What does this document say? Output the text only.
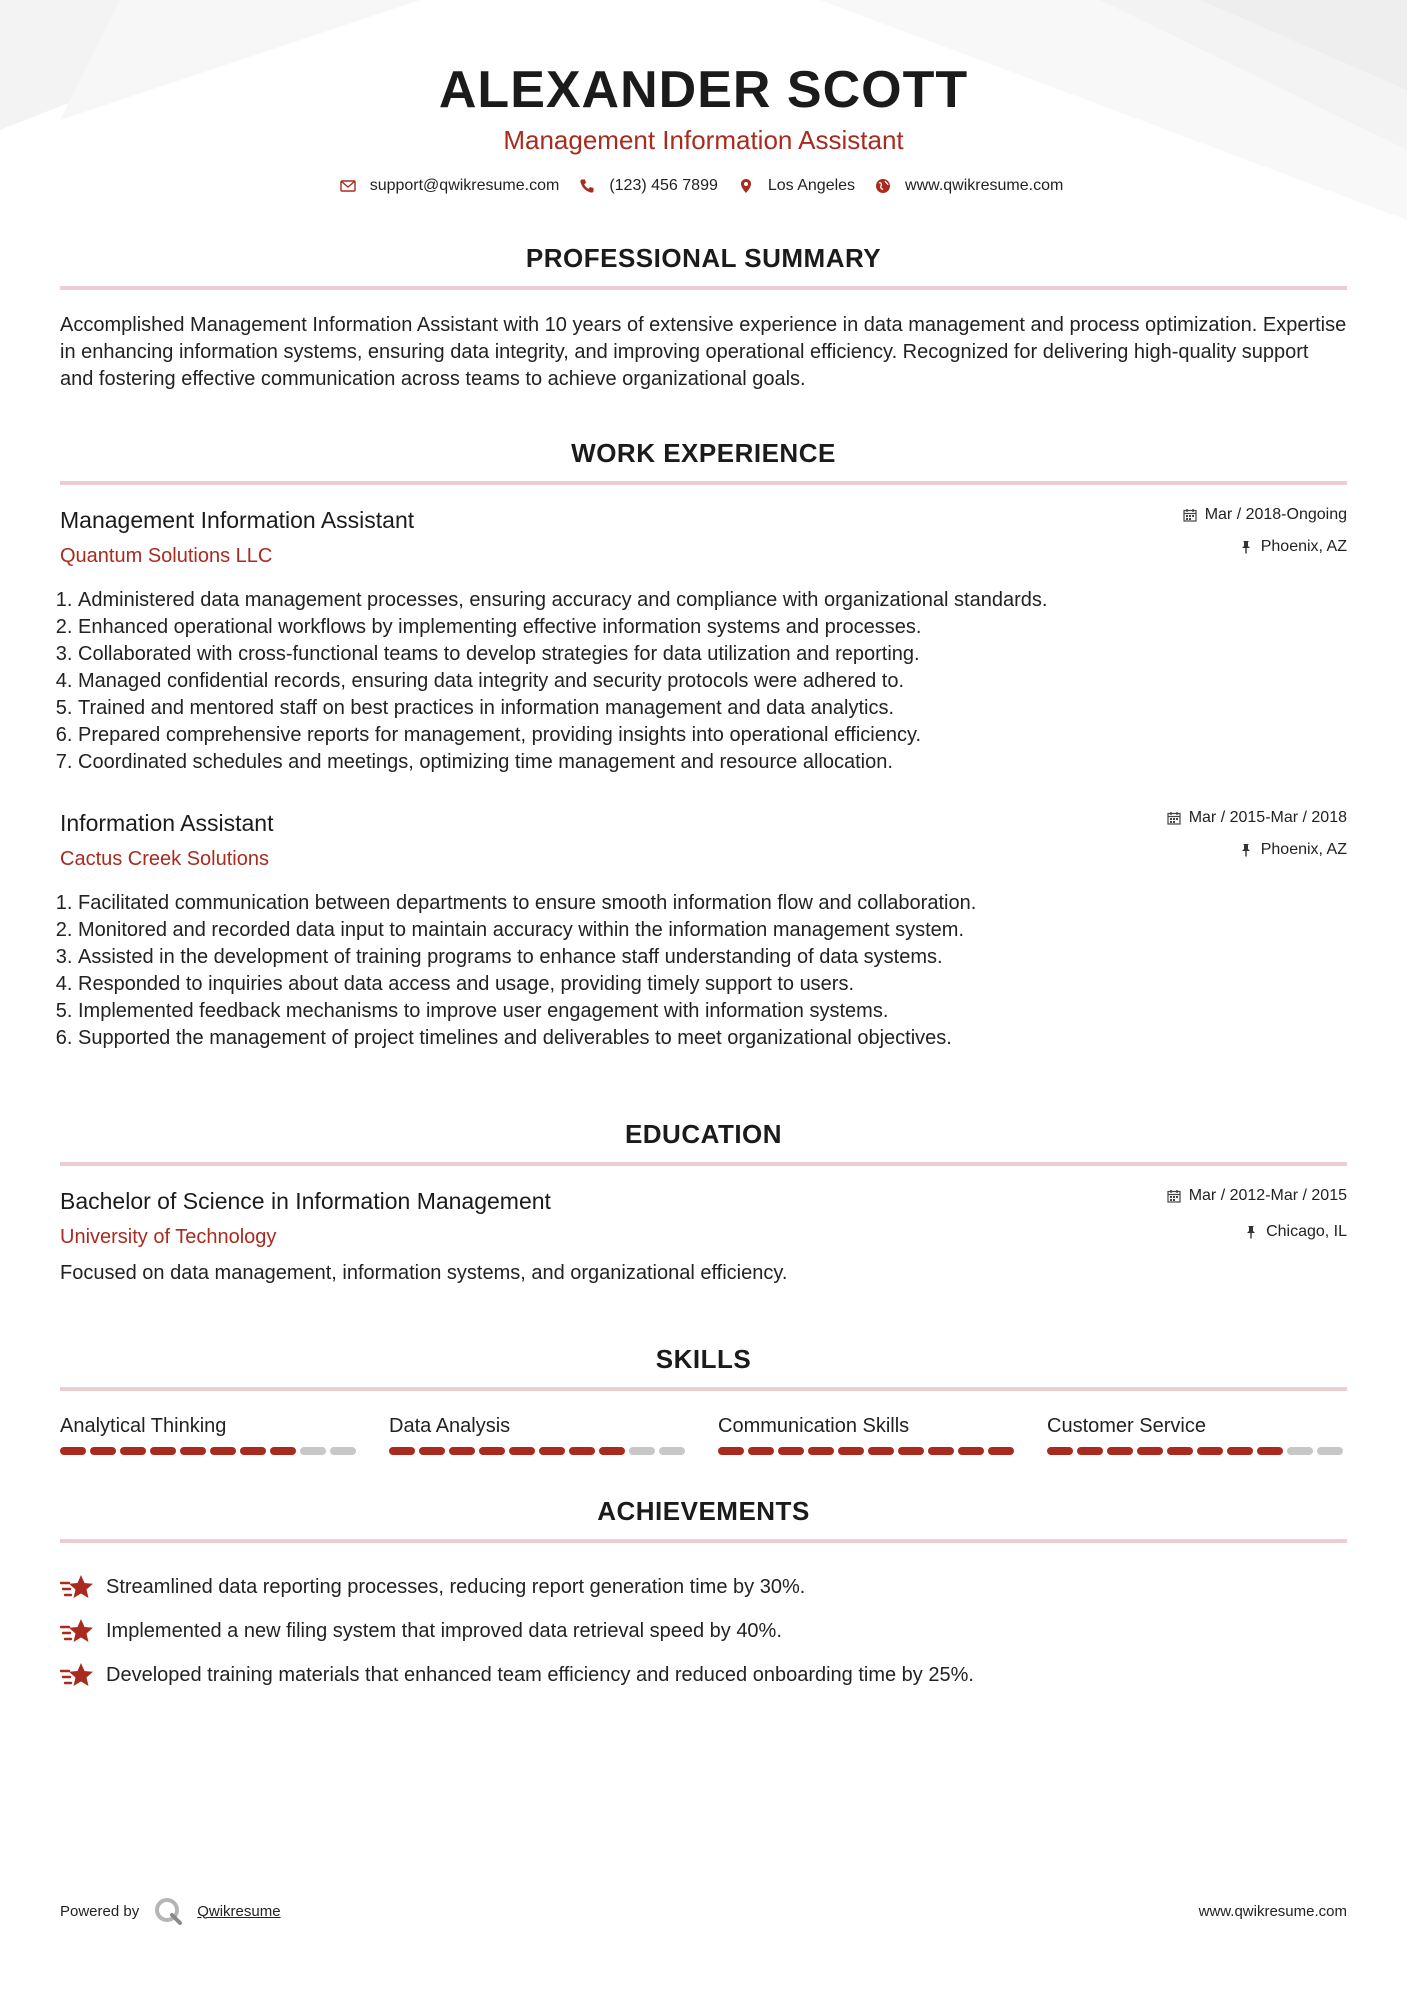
ALEXANDER SCOTT
Management Information Assistant
support@qwikresume.com	(123) 456 7899	Los Angeles	www.qwikresume.com
PROFESSIONAL SUMMARY
Accomplished Management Information Assistant with 10 years of extensive experience in data management and process optimization. Expertise in enhancing information systems, ensuring data integrity, and improving operational efficiency. Recognized for delivering high-quality support and fostering effective communication across teams to achieve organizational goals.
WORK EXPERIENCE
Management Information Assistant
Quantum Solutions LLC
Mar / 2018-Ongoing
Phoenix, AZ
1. Administered data management processes, ensuring accuracy and compliance with organizational standards.
2. Enhanced operational workflows by implementing effective information systems and processes.
3. Collaborated with cross-functional teams to develop strategies for data utilization and reporting.
4. Managed confidential records, ensuring data integrity and security protocols were adhered to.
5. Trained and mentored staff on best practices in information management and data analytics.
6. Prepared comprehensive reports for management, providing insights into operational efficiency.
7. Coordinated schedules and meetings, optimizing time management and resource allocation.
Information Assistant
Cactus Creek Solutions
Mar / 2015-Mar / 2018
Phoenix, AZ
1. Facilitated communication between departments to ensure smooth information flow and collaboration.
2. Monitored and recorded data input to maintain accuracy within the information management system.
3. Assisted in the development of training programs to enhance staff understanding of data systems.
4. Responded to inquiries about data access and usage, providing timely support to users.
5. Implemented feedback mechanisms to improve user engagement with information systems.
6. Supported the management of project timelines and deliverables to meet organizational objectives.
EDUCATION
Bachelor of Science in Information Management
University of Technology
Mar / 2012-Mar / 2015
Chicago, IL
Focused on data management, information systems, and organizational efficiency.
SKILLS
Analytical Thinking	Data Analysis	Communication Skills	Customer Service
ACHIEVEMENTS
Streamlined data reporting processes, reducing report generation time by 30%.
Implemented a new filing system that improved data retrieval speed by 40%.
Developed training materials that enhanced team efficiency and reduced onboarding time by 25%.
Powered by	Qwikresume	www.qwikresume.com
